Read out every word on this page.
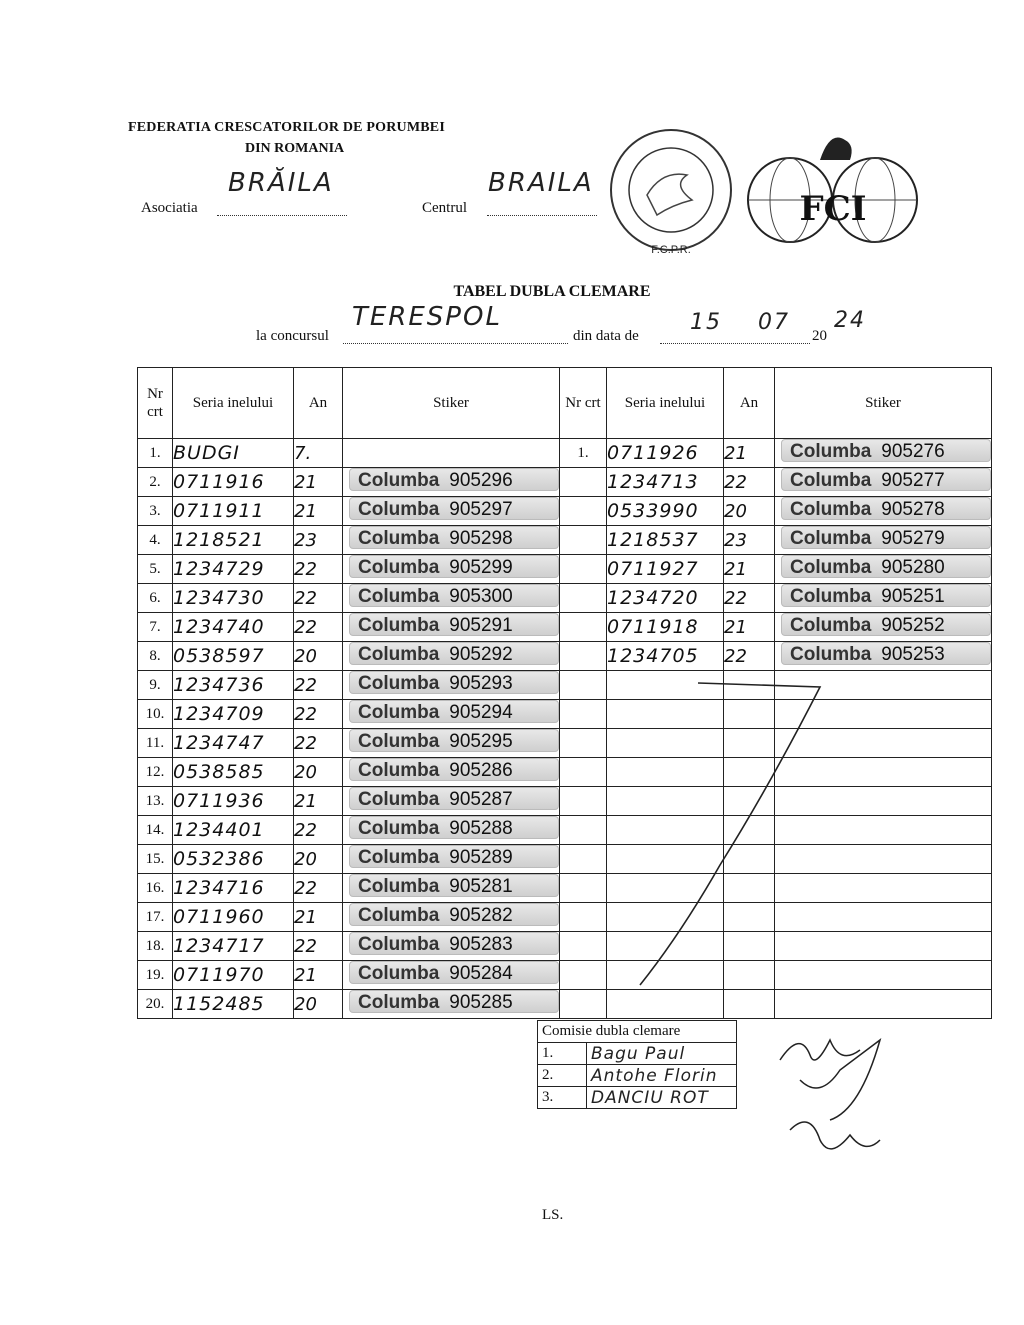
FEDERATIA CRESCATORILOR DE PORUMBEI
DIN ROMANIA
Asociatia
BRĂILA
Centrul
BRAILA
F.C.P.R.
FCI
TABEL DUBLA CLEMARE
la concursul
TERESPOL
din data de
15 07
20
24
Nr crt	Seria inelului	An	Stiker	Nr crt	Seria inelului	An	Stiker
1.	BUDGI	7.		1.	0711926	21	Columba 905276
2.	0711916	21	Columba 905296		1234713	22	Columba 905277
3.	0711911	21	Columba 905297		0533990	20	Columba 905278
4.	1218521	23	Columba 905298		1218537	23	Columba 905279
5.	1234729	22	Columba 905299		0711927	21	Columba 905280
6.	1234730	22	Columba 905300		1234720	22	Columba 905251
7.	1234740	22	Columba 905291		0711918	21	Columba 905252
8.	0538597	20	Columba 905292		1234705	22	Columba 905253
9.	1234736	22	Columba 905293				
10.	1234709	22	Columba 905294				
11.	1234747	22	Columba 905295				
12.	0538585	20	Columba 905286				
13.	0711936	21	Columba 905287				
14.	1234401	22	Columba 905288				
15.	0532386	20	Columba 905289				
16.	1234716	22	Columba 905281				
17.	0711960	21	Columba 905282				
18.	1234717	22	Columba 905283				
19.	0711970	21	Columba 905284				
20.	1152485	20	Columba 905285				
Comisie dubla clemare	
1.	Bagu Paul
2.	Antohe Florin
3.	DANCIU ROT
LS.
